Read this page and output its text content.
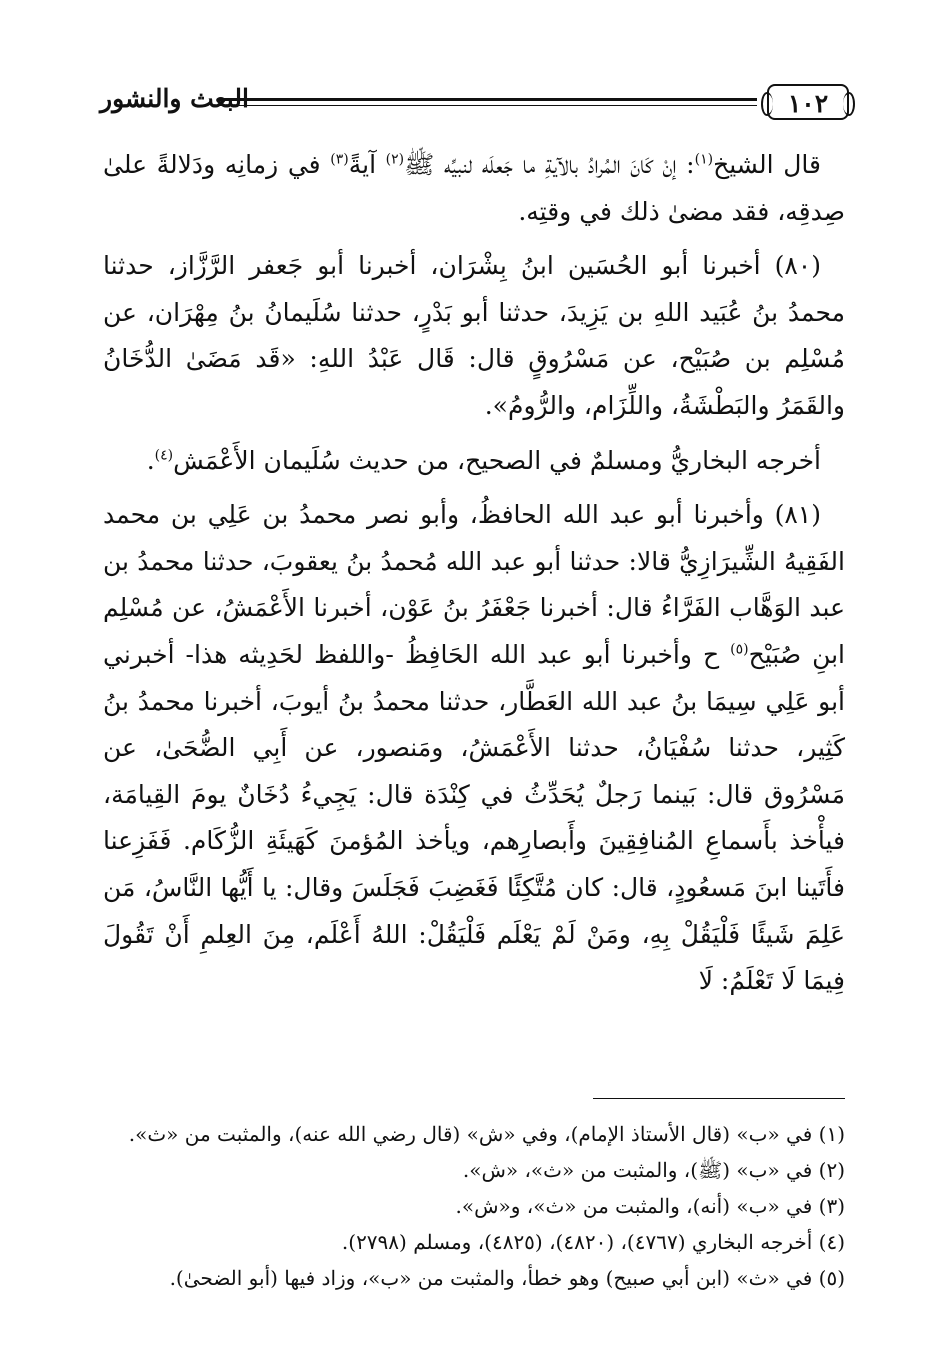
١٠٢
البعث والنشور

قال الشيخ$^{(١)}$: إنْ كَانَ المُرادُ بالآيةِ ما جَعلَه لنبيِّه ﷺ$^{(٢)}$ آيةً$^{(٣)}$ في زمانِه ودَلالةً علىٰ صِدقِه، فقد مضىٰ ذلك في وقتِه.

(٨٠) أخبرنا أبو الحُسَين ابنُ بِشْرَان، أخبرنا أبو جَعفر الرَّزَّاز، حدثنا محمدُ بنُ عُبَيد اللهِ بن يَزِيدَ، حدثنا أبو بَدْرٍ، حدثنا سُلَيمانُ بنُ مِهْرَان، عن مُسْلِم بن صُبَيْح، عن مَسْرُوقٍ قال: قَال عَبْدُ اللهِ: «قَد مَضَىٰ الدُّخَانُ والقَمَرُ والبَطْشَةُ، واللِّزَام، والرُّومُ».

أخرجه البخاريُّ ومسلمٌ في الصحيح، من حديث سُلَيمان الأَعْمَش$^{(٤)}$.

(٨١) وأخبرنا أبو عبد الله الحافظُ، وأبو نصر محمدُ بن عَلِي بن محمد الفَقِيهُ الشِّيرَازِيُّ قالا: حدثنا أبو عبد الله مُحمدُ بنُ يعقوبَ، حدثنا محمدُ بن عبد الوَهَّاب الفَرَّاءُ قال: أخبرنا جَعْفَرُ بنُ عَوْن، أخبرنا الأَعْمَشُ، عن مُسْلِم ابنِ صُبَيْح$^{(٥)}$ ح وأخبرنا أبو عبد الله الحَافِظُ -واللفظ لحَدِيثه هذا- أخبرني أبو عَلِي سِيمَا بنُ عبد الله العَطَّار، حدثنا محمدُ بنُ أيوبَ، أخبرنا محمدُ بنُ كَثِير، حدثنا سُفْيَانُ، حدثنا الأَعْمَشُ، ومَنصور، عن أَبِي الضُّحَىٰ، عن مَسْرُوق قال: بَينما رَجلٌ يُحَدِّثُ في كِنْدَة قال: يَجِيءُ دُخَانٌ يومَ القِيامَة، فيأْخذ بأَسماعِ المُنافِقِينَ وأَبصارِهم، ويأخذ المُؤمنَ كَهَيئَةِ الزُّكَام. فَفَزِعنا فأَتَينا ابنَ مَسعُودٍ، قال: كان مُتَّكِئًا فَغَضِبَ فَجَلَسَ وقال: يا أَيُّها النَّاسُ، مَن عَلِمَ شَيئًا فَلْيَقُلْ بِهِ، ومَنْ لَمْ يَعْلَم فَلْيَقُلْ: اللهُ أَعْلَم، مِنَ العِلمِ أَنْ تَقُولَ فِيمَا لَا تَعْلَمُ: لَا

(١) في «ب» (قال الأستاذ الإمام)، وفي «ش» (قال رضي الله عنه)، والمثبت من «ث».
(٢) في «ب» (ﷺ)، والمثبت من «ث»، «ش».
(٣) في «ب» (أنه)، والمثبت من «ث»، و«ش».
(٤) أخرجه البخاري (٤٧٦٧)، (٤٨٢٠)، (٤٨٢٥)، ومسلم (٢٧٩٨).
(٥) في «ث» (ابن أبي صبيح) وهو خطأ، والمثبت من «ب»، وزاد فيها (أبو الضحىٰ).
